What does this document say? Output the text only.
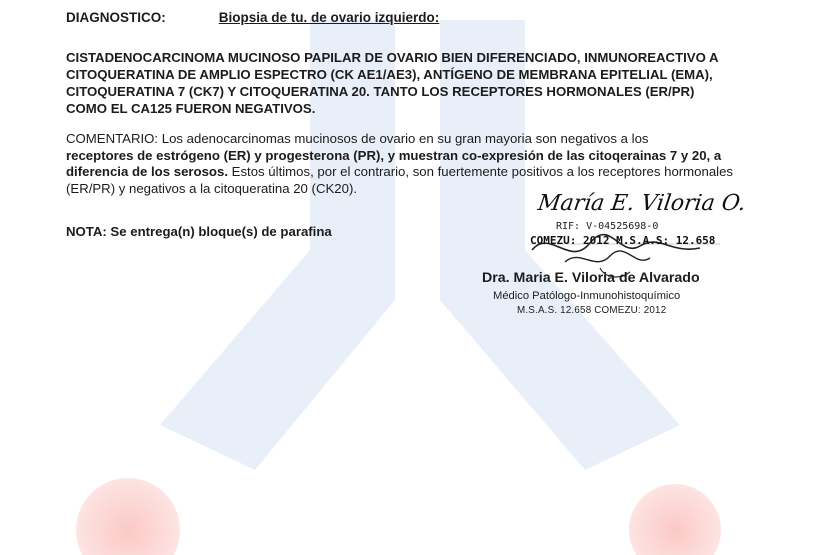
DIAGNOSTICO:	Biopsia de tu. de ovario izquierdo:
CISTADENOCARCINOMA MUCINOSO PAPILAR DE OVARIO BIEN DIFERENCIADO, INMUNOREACTIVO A
CITOQUERATINA DE AMPLIO ESPECTRO (CK AE1/AE3), ANTÍGENO DE MEMBRANA EPITELIAL (EMA),
CITOQUERATINA 7 (CK7) Y CITOQUERATINA 20. TANTO LOS RECEPTORES HORMONALES (ER/PR)
COMO EL CA125 FUERON NEGATIVOS.
COMENTARIO: Los adenocarcinomas mucinosos de ovario en su gran mayoria son negativos a los
receptores de estrógeno (ER) y progesterona (PR), y muestran co-expresión de las citoqerainas 7 y 20, a
diferencia de los serosos. Estos últimos, por el contrario, son fuertemente positivos a los receptores hormonales
(ER/PR) y negativos a la citoqueratina 20 (CK20).
NOTA: Se entrega(n) bloque(s) de parafina
María E. Viloria O.
RIF: V-04525698-0
COMEZU: 2012 M.S.A.S: 12.658
Dra. Maria E. Viloria de Alvarado
Médico Patólogo-Inmunohistoquímico
M.S.A.S. 12.658 COMEZU: 2012
